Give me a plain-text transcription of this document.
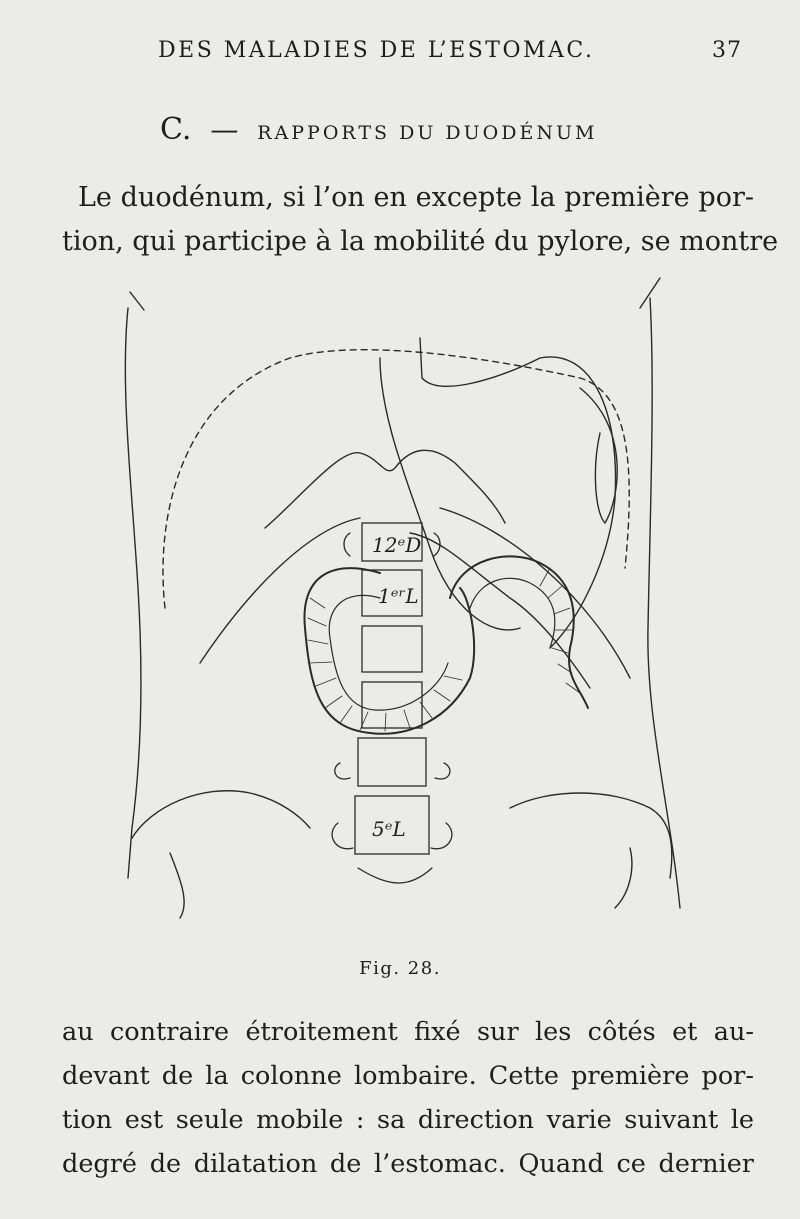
DES MALADIES DE L’ESTOMAC.	37
C. — RAPPORTS DU DUODÉNUM
Le duodénum, si l’on en excepte la première por-
tion, qui participe à la mobilité du pylore, se montre
12ᵉD
1ᵉʳL
5ᵉL
Fig. 28.
au contraire étroitement fixé sur les côtés et au-
devant de la colonne lombaire. Cette première por-
tion est seule mobile : sa direction varie suivant le
degré de dilatation de l’estomac. Quand ce dernier
